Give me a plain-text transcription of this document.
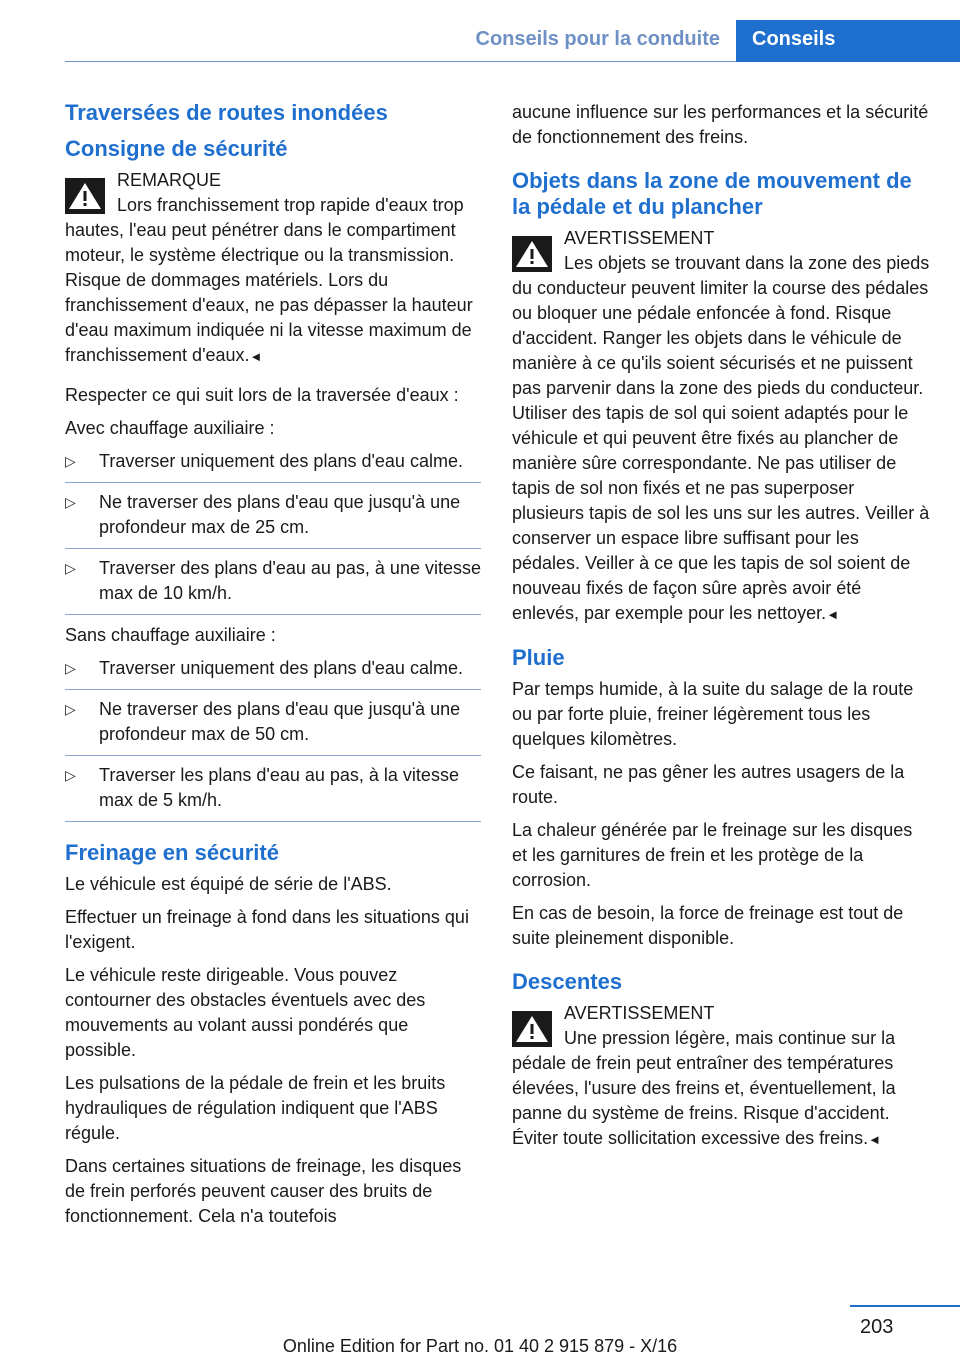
Conseils pour la conduite	Conseils
Traversées de routes inondées
Consigne de sécurité
REMARQUE
Lors franchissement trop rapide d'eaux trop hautes, l'eau peut pénétrer dans le compartiment moteur, le système électrique ou la transmission. Risque de dommages matériels. Lors du franchissement d'eaux, ne pas dépasser la hauteur d'eau maximum indiquée ni la vitesse maximum de franchissement d'eaux.◄
Respecter ce qui suit lors de la traversée d'eaux :
Avec chauffage auxiliaire :
▷ Traverser uniquement des plans d'eau calme.
▷ Ne traverser des plans d'eau que jusqu'à une profondeur max de 25 cm.
▷ Traverser des plans d'eau au pas, à une vitesse max de 10 km/h.
Sans chauffage auxiliaire :
▷ Traverser uniquement des plans d'eau calme.
▷ Ne traverser des plans d'eau que jusqu'à une profondeur max de 50 cm.
▷ Traverser les plans d'eau au pas, à la vitesse max de 5 km/h.
Freinage en sécurité
Le véhicule est équipé de série de l'ABS.
Effectuer un freinage à fond dans les situations qui l'exigent.
Le véhicule reste dirigeable. Vous pouvez contourner des obstacles éventuels avec des mouvements au volant aussi pondérés que possible.
Les pulsations de la pédale de frein et les bruits hydrauliques de régulation indiquent que l'ABS régule.
Dans certaines situations de freinage, les disques de frein perforés peuvent causer des bruits de fonctionnement. Cela n'a toutefois
aucune influence sur les performances et la sécurité de fonctionnement des freins.
Objets dans la zone de mouvement de la pédale et du plancher
AVERTISSEMENT
Les objets se trouvant dans la zone des pieds du conducteur peuvent limiter la course des pédales ou bloquer une pédale enfoncée à fond. Risque d'accident. Ranger les objets dans le véhicule de manière à ce qu'ils soient sécurisés et ne puissent pas parvenir dans la zone des pieds du conducteur. Utiliser des tapis de sol qui soient adaptés pour le véhicule et qui peuvent être fixés au plancher de manière sûre correspondante. Ne pas utiliser de tapis de sol non fixés et ne pas superposer plusieurs tapis de sol les uns sur les autres. Veiller à conserver un espace libre suffisant pour les pédales. Veiller à ce que les tapis de sol soient de nouveau fixés de façon sûre après avoir été enlevés, par exemple pour les nettoyer.◄
Pluie
Par temps humide, à la suite du salage de la route ou par forte pluie, freiner légèrement tous les quelques kilomètres.
Ce faisant, ne pas gêner les autres usagers de la route.
La chaleur générée par le freinage sur les disques et les garnitures de frein et les protège de la corrosion.
En cas de besoin, la force de freinage est tout de suite pleinement disponible.
Descentes
AVERTISSEMENT
Une pression légère, mais continue sur la pédale de frein peut entraîner des températures élevées, l'usure des freins et, éventuellement, la panne du système de freins. Risque d'accident. Éviter toute sollicitation excessive des freins.◄
203
Online Edition for Part no. 01 40 2 915 879 - X/16
